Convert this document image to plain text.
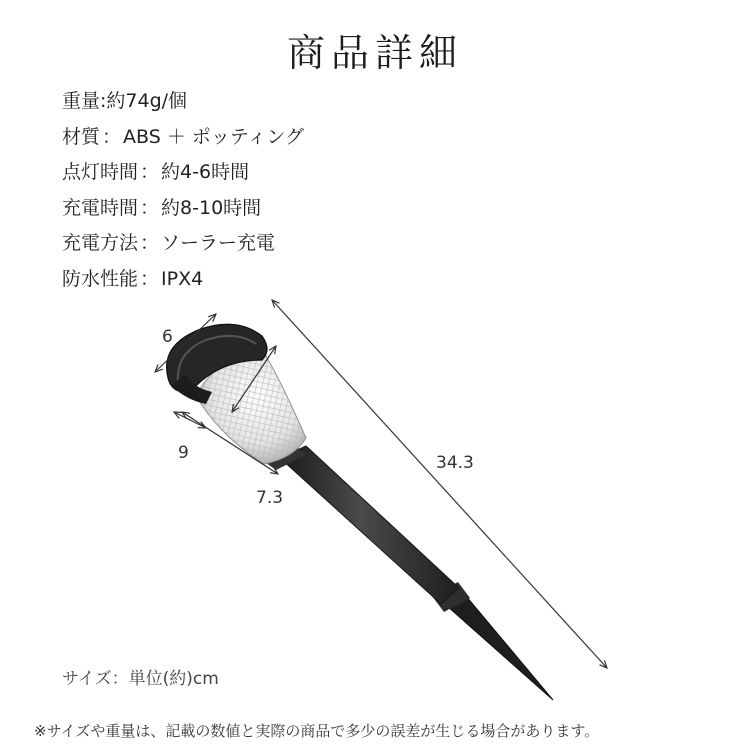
商品詳細
重量:約74g/個
材質 ： ABS ＋ ポッティング
点灯時間 ： 約4-6時間
充電時間 ： 約8-10時間
充電方法 ： ソーラー充電
防水性能 ： IPX4
6
9
7.3
34.3
サイズ：単位(約)cm
※サイズや重量は、記載の数値と実際の商品で多少の誤差が生じる場合があります。
